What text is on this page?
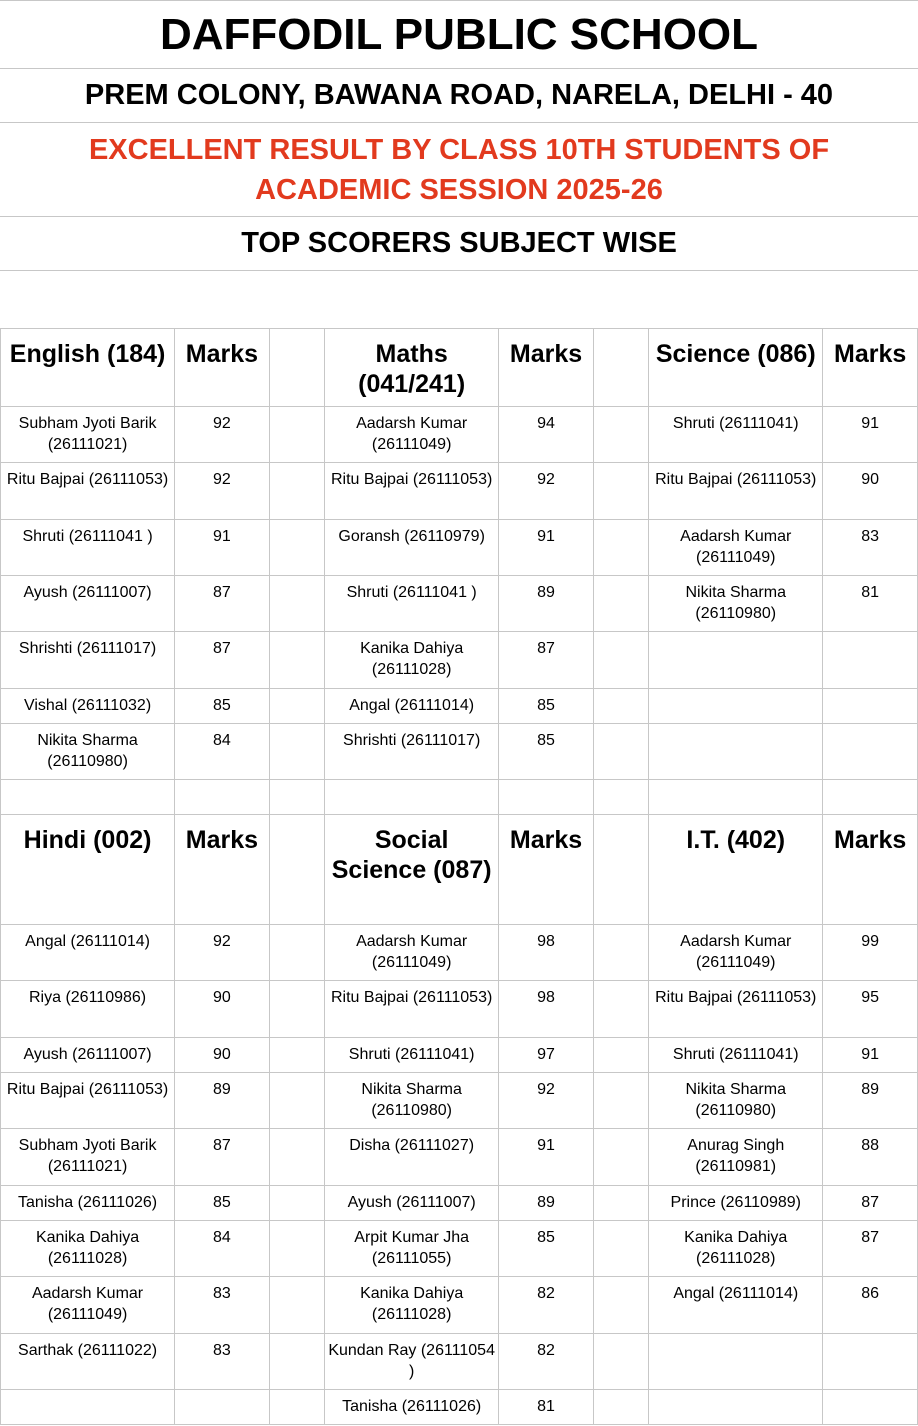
DAFFODIL PUBLIC SCHOOL
PREM COLONY, BAWANA ROAD, NARELA, DELHI - 40
EXCELLENT RESULT BY CLASS 10TH STUDENTS OF
ACADEMIC SESSION 2025-26
TOP SCORERS SUBJECT WISE
English (184)	Marks		Maths (041/241)	Marks		Science (086)	Marks
Subham Jyoti Barik (26111021)	92		Aadarsh Kumar (26111049)	94		Shruti (26111041)	91
Ritu Bajpai (26111053)	92		Ritu Bajpai (26111053)	92		Ritu Bajpai (26111053)	90
Shruti (26111041 )	91		Goransh (26110979)	91		Aadarsh Kumar (26111049)	83
Ayush (26111007)	87		Shruti (26111041 )	89		Nikita Sharma (26110980)	81
Shrishti (26111017)	87		Kanika Dahiya (26111028)	87			
Vishal (26111032)	85		Angal (26111014)	85			
Nikita Sharma (26110980)	84		Shrishti (26111017)	85			

Hindi (002)	Marks		Social Science (087)	Marks		I.T. (402)	Marks
Angal (26111014)	92		Aadarsh Kumar (26111049)	98		Aadarsh Kumar (26111049)	99
Riya (26110986)	90		Ritu Bajpai (26111053)	98		Ritu Bajpai (26111053)	95
Ayush (26111007)	90		Shruti (26111041)	97		Shruti (26111041)	91
Ritu Bajpai (26111053)	89		Nikita Sharma (26110980)	92		Nikita Sharma (26110980)	89
Subham Jyoti Barik (26111021)	87		Disha (26111027)	91		Anurag Singh (26110981)	88
Tanisha (26111026)	85		Ayush (26111007)	89		Prince (26110989)	87
Kanika Dahiya (26111028)	84		Arpit Kumar Jha (26111055)	85		Kanika Dahiya (26111028)	87
Aadarsh Kumar (26111049)	83		Kanika Dahiya (26111028)	82		Angal (26111014)	86
Sarthak (26111022)	83		Kundan Ray (26111054 )	82			
			Tanisha (26111026)	81			
